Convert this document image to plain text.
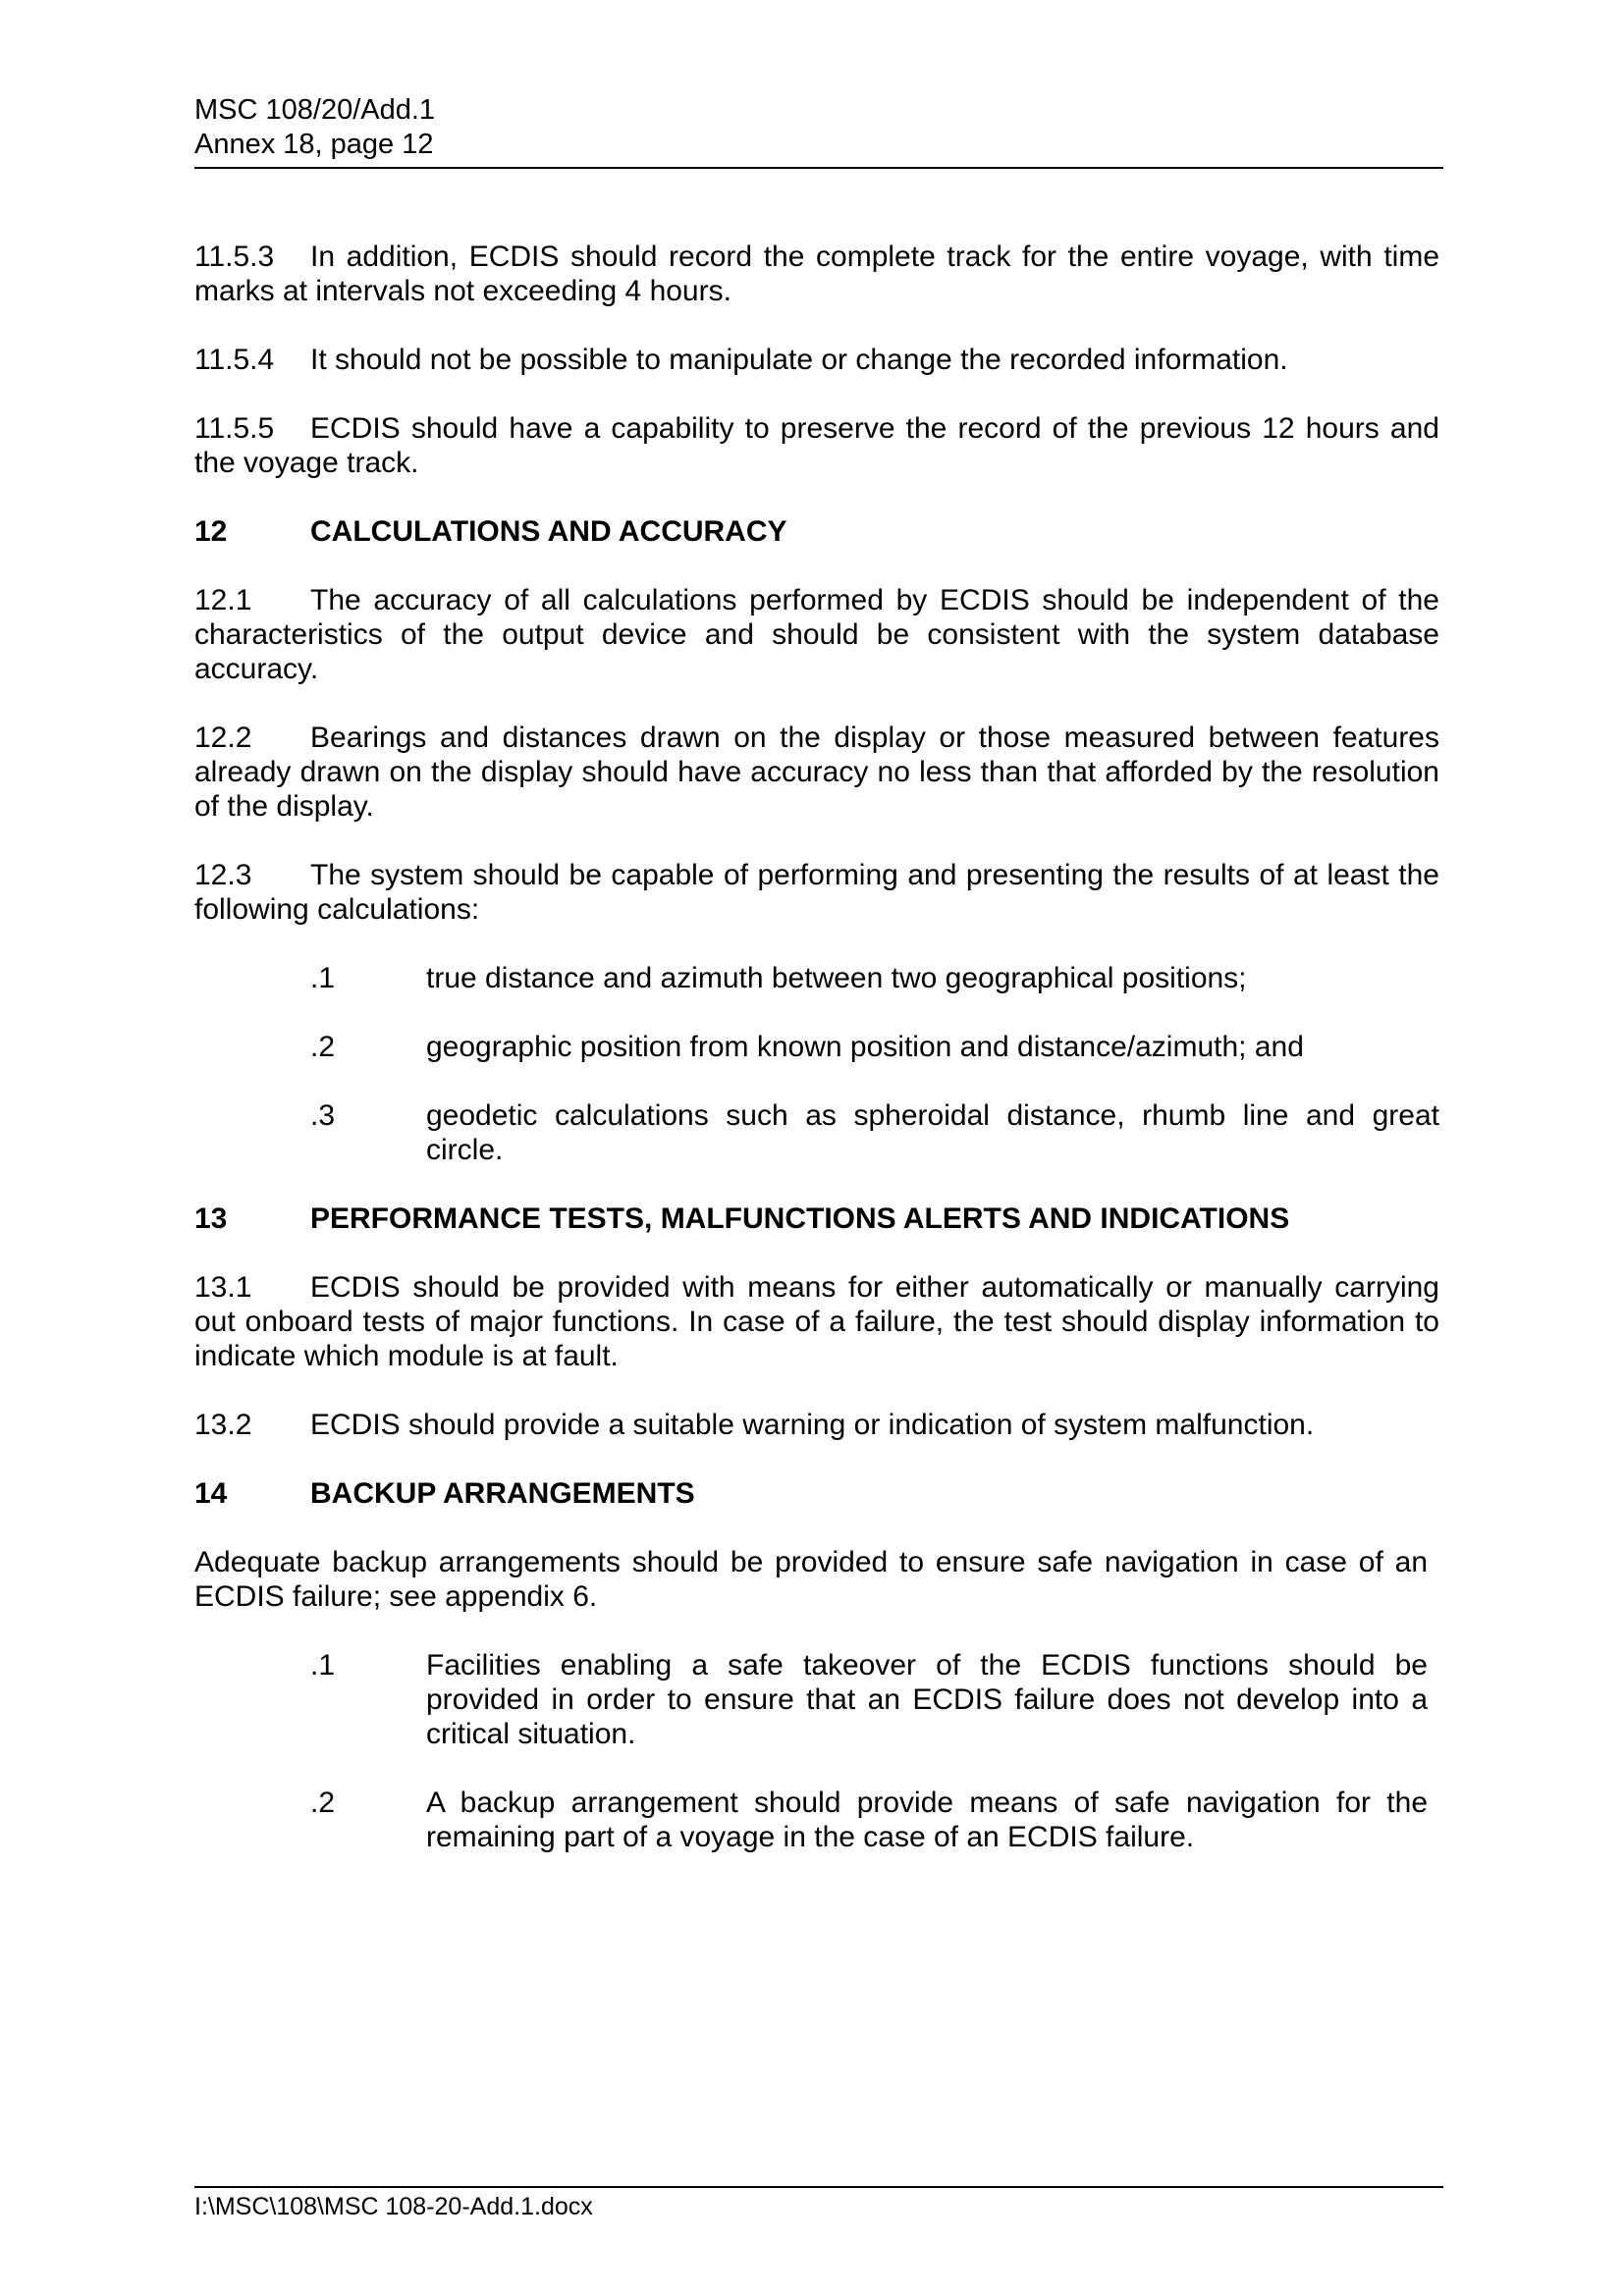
MSC 108/20/Add.1
Annex 18, page 12

11.5.3 In addition, ECDIS should record the complete track for the entire voyage, with time marks at intervals not exceeding 4 hours.

11.5.4 It should not be possible to manipulate or change the recorded information.

11.5.5 ECDIS should have a capability to preserve the record of the previous 12 hours and the voyage track.

12	CALCULATIONS AND ACCURACY

12.1 The accuracy of all calculations performed by ECDIS should be independent of the characteristics of the output device and should be consistent with the system database accuracy.

12.2 Bearings and distances drawn on the display or those measured between features already drawn on the display should have accuracy no less than that afforded by the resolution of the display.

12.3 The system should be capable of performing and presenting the results of at least the following calculations:

.1	true distance and azimuth between two geographical positions;
.2	geographic position from known position and distance/azimuth; and
.3	geodetic calculations such as spheroidal distance, rhumb line and great circle.
13	PERFORMANCE TESTS, MALFUNCTIONS ALERTS AND INDICATIONS

13.1 ECDIS should be provided with means for either automatically or manually carrying out onboard tests of major functions. In case of a failure, the test should display information to indicate which module is at fault.

13.2 ECDIS should provide a suitable warning or indication of system malfunction.

14	BACKUP ARRANGEMENTS

Adequate backup arrangements should be provided to ensure safe navigation in case of an ECDIS failure; see appendix 6.

.1	Facilities enabling a safe takeover of the ECDIS functions should be provided in order to ensure that an ECDIS failure does not develop into a critical situation.
.2	A backup arrangement should provide means of safe navigation for the remaining part of a voyage in the case of an ECDIS failure.
I:\MSC\108\MSC 108-20-Add.1.docx
